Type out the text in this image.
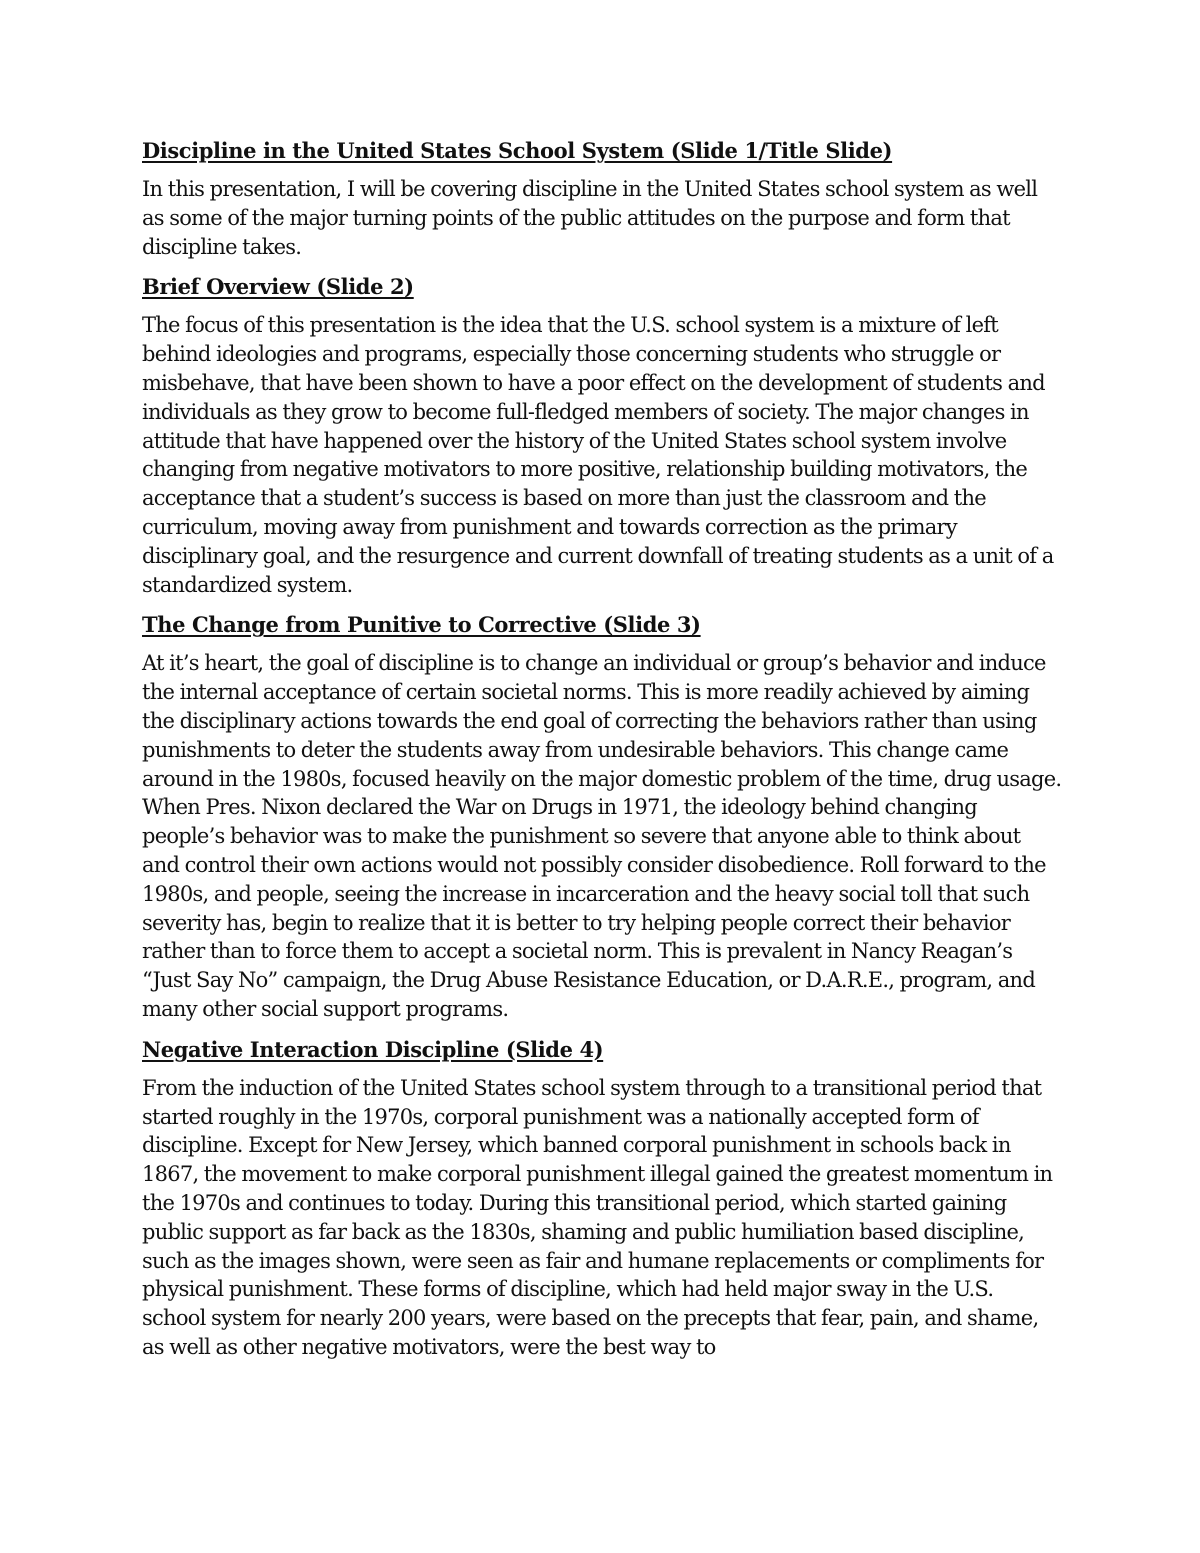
Discipline in the United States School System (Slide 1/Title Slide)

In this presentation, I will be covering discipline in the United States school system as well as some of the major turning points of the public attitudes on the purpose and form that discipline takes.

Brief Overview (Slide 2)

The focus of this presentation is the idea that the U.S. school system is a mixture of left behind ideologies and programs, especially those concerning students who struggle or misbehave, that have been shown to have a poor effect on the development of students and individuals as they grow to become full-fledged members of society. The major changes in attitude that have happened over the history of the United States school system involve changing from negative motivators to more positive, relationship building motivators, the acceptance that a student’s success is based on more than just the classroom and the curriculum, moving away from punishment and towards correction as the primary disciplinary goal, and the resurgence and current downfall of treating students as a unit of a standardized system.

The Change from Punitive to Corrective (Slide 3)

At it’s heart, the goal of discipline is to change an individual or group’s behavior and induce the internal acceptance of certain societal norms. This is more readily achieved by aiming the disciplinary actions towards the end goal of correcting the behaviors rather than using punishments to deter the students away from undesirable behaviors. This change came around in the 1980s, focused heavily on the major domestic problem of the time, drug usage. When Pres. Nixon declared the War on Drugs in 1971, the ideology behind changing people’s behavior was to make the punishment so severe that anyone able to think about and control their own actions would not possibly consider disobedience. Roll forward to the 1980s, and people, seeing the increase in incarceration and the heavy social toll that such severity has, begin to realize that it is better to try helping people correct their behavior rather than to force them to accept a societal norm. This is prevalent in Nancy Reagan’s “Just Say No” campaign, the Drug Abuse Resistance Education, or D.A.R.E., program, and many other social support programs.

Negative Interaction Discipline (Slide 4)

From the induction of the United States school system through to a transitional period that started roughly in the 1970s, corporal punishment was a nationally accepted form of discipline. Except for New Jersey, which banned corporal punishment in schools back in 1867, the movement to make corporal punishment illegal gained the greatest momentum in the 1970s and continues to today. During this transitional period, which started gaining public support as far back as the 1830s, shaming and public humiliation based discipline, such as the images shown, were seen as fair and humane replacements or compliments for physical punishment. These forms of discipline, which had held major sway in the U.S. school system for nearly 200 years, were based on the precepts that fear, pain, and shame, as well as other negative motivators, were the best way to
